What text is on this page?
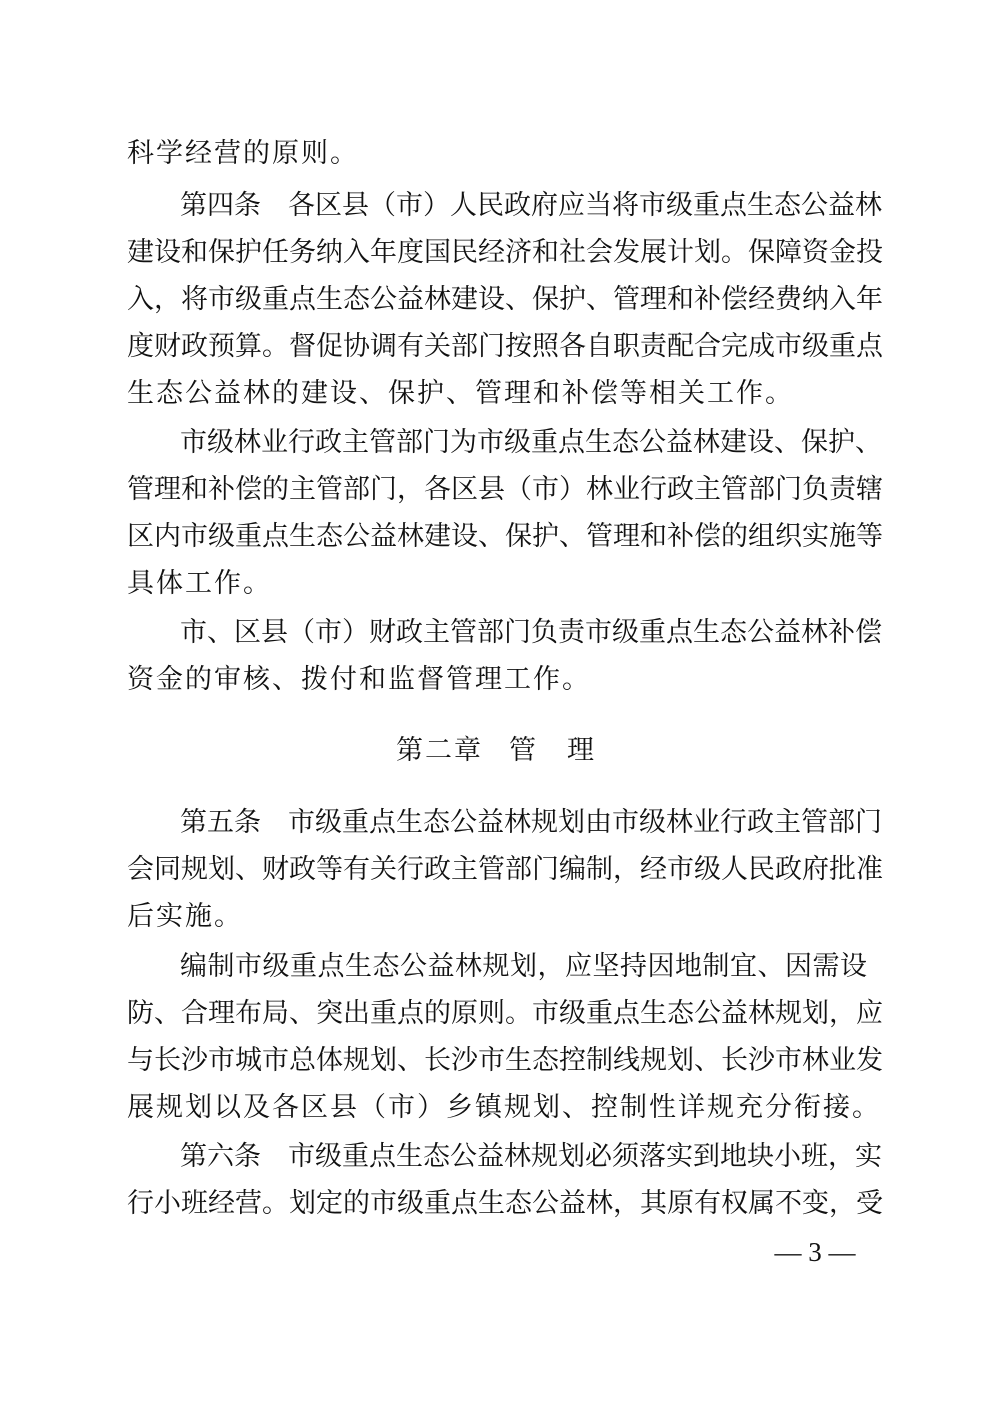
科学经营的原则。
第四条　各区县（市）人民政府应当将市级重点生态公益林
建设和保护任务纳入年度国民经济和社会发展计划。保障资金投
入，将市级重点生态公益林建设、保护、管理和补偿经费纳入年
度财政预算。督促协调有关部门按照各自职责配合完成市级重点
生态公益林的建设、保护、管理和补偿等相关工作。
市级林业行政主管部门为市级重点生态公益林建设、保护、
管理和补偿的主管部门，各区县（市）林业行政主管部门负责辖
区内市级重点生态公益林建设、保护、管理和补偿的组织实施等
具体工作。
市、区县（市）财政主管部门负责市级重点生态公益林补偿
资金的审核、拨付和监督管理工作。
第二章 管　理
第五条　市级重点生态公益林规划由市级林业行政主管部门
会同规划、财政等有关行政主管部门编制，经市级人民政府批准
后实施。
编制市级重点生态公益林规划，应坚持因地制宜、因需设
防、合理布局、突出重点的原则。市级重点生态公益林规划，应
与长沙市城市总体规划、长沙市生态控制线规划、长沙市林业发
展规划以及各区县（市）乡镇规划、控制性详规充分衔接。
第六条　市级重点生态公益林规划必须落实到地块小班，实
行小班经营。划定的市级重点生态公益林，其原有权属不变，受
— 3 —
